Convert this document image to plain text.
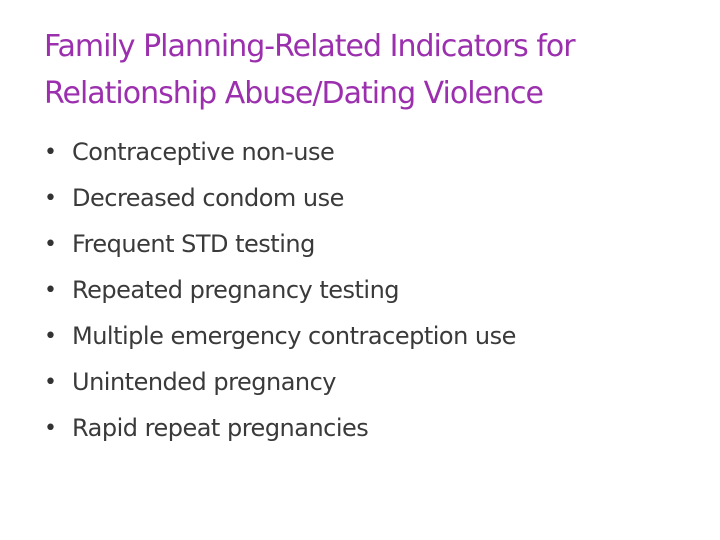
Family Planning-Related Indicators for
Relationship Abuse/Dating Violence
• Contraceptive non-use
• Decreased condom use
• Frequent STD testing
• Repeated pregnancy testing
• Multiple emergency contraception use
• Unintended pregnancy
• Rapid repeat pregnancies
